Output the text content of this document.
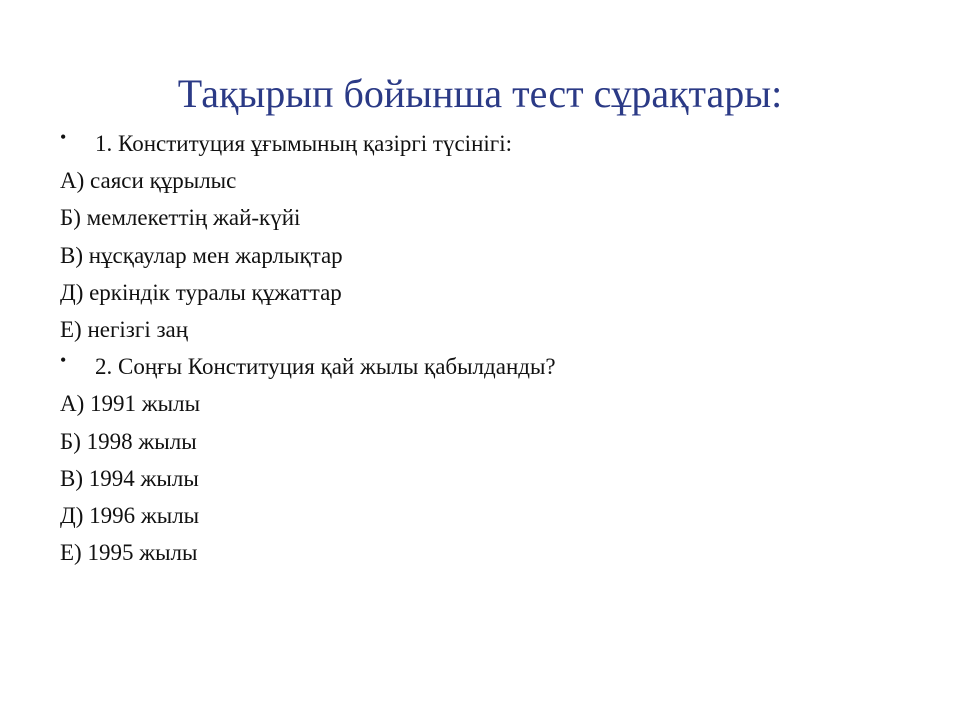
Тақырып бойынша тест сұрақтары:
• 1. Конституция ұғымының қазіргі түсінігі:
А) саяси құрылыс
Б) мемлекеттің жай-күйі
В) нұсқаулар мен жарлықтар
Д) еркіндік туралы құжаттар
Е) негізгі заң
• 2. Соңғы Конституция қай жылы қабылданды?
А) 1991 жылы
Б) 1998 жылы
В) 1994 жылы
Д) 1996 жылы
Е) 1995 жылы
